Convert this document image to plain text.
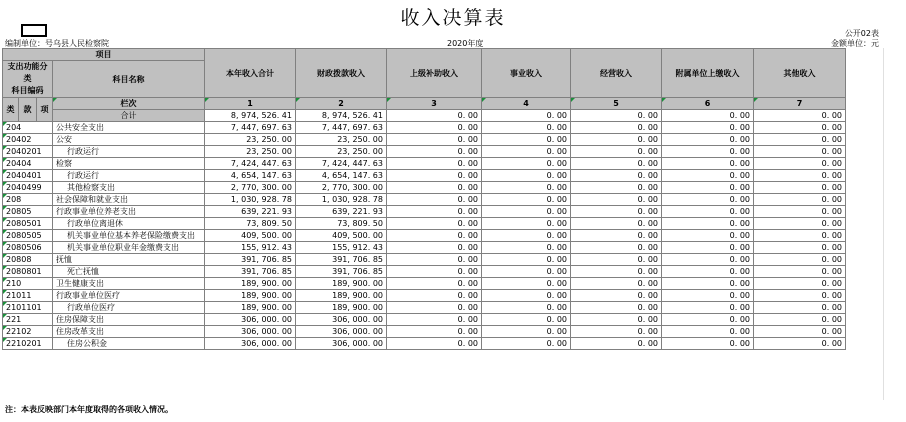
收入决算表
公开02表
编制单位：号乌县人民检察院	2020年度	金额单位：元
项目				本年收入合计	财政拨款收入	上级补助收入	事业收入	经营收入	附属单位上缴收入	其他收入
支出功能分类
科目编码			科目名称							

类	款	项	栏次	1	2	3	4	5	6	7
			合计	8, 974, 526. 41	8, 974, 526. 41	0. 00	0. 00	0. 00	0. 00	0. 00
204			公共安全支出	7, 447, 697. 63	7, 447, 697. 63	0. 00	0. 00	0. 00	0. 00	0. 00
20402			公安	23, 250. 00	23, 250. 00	0. 00	0. 00	0. 00	0. 00	0. 00
2040201			行政运行	23, 250. 00	23, 250. 00	0. 00	0. 00	0. 00	0. 00	0. 00
20404			检察	7, 424, 447. 63	7, 424, 447. 63	0. 00	0. 00	0. 00	0. 00	0. 00
2040401			行政运行	4, 654, 147. 63	4, 654, 147. 63	0. 00	0. 00	0. 00	0. 00	0. 00
2040499			其他检察支出	2, 770, 300. 00	2, 770, 300. 00	0. 00	0. 00	0. 00	0. 00	0. 00
208			社会保障和就业支出	1, 030, 928. 78	1, 030, 928. 78	0. 00	0. 00	0. 00	0. 00	0. 00
20805			行政事业单位养老支出	639, 221. 93	639, 221. 93	0. 00	0. 00	0. 00	0. 00	0. 00
2080501			行政单位离退休	73, 809. 50	73, 809. 50	0. 00	0. 00	0. 00	0. 00	0. 00
2080505			机关事业单位基本养老保险缴费支出	409, 500. 00	409, 500. 00	0. 00	0. 00	0. 00	0. 00	0. 00
2080506			机关事业单位职业年金缴费支出	155, 912. 43	155, 912. 43	0. 00	0. 00	0. 00	0. 00	0. 00
20808			抚恤	391, 706. 85	391, 706. 85	0. 00	0. 00	0. 00	0. 00	0. 00
2080801			死亡抚恤	391, 706. 85	391, 706. 85	0. 00	0. 00	0. 00	0. 00	0. 00
210			卫生健康支出	189, 900. 00	189, 900. 00	0. 00	0. 00	0. 00	0. 00	0. 00
21011			行政事业单位医疗	189, 900. 00	189, 900. 00	0. 00	0. 00	0. 00	0. 00	0. 00
2101101			行政单位医疗	189, 900. 00	189, 900. 00	0. 00	0. 00	0. 00	0. 00	0. 00
221			住房保障支出	306, 000. 00	306, 000. 00	0. 00	0. 00	0. 00	0. 00	0. 00
22102			住房改革支出	306, 000. 00	306, 000. 00	0. 00	0. 00	0. 00	0. 00	0. 00
2210201			住房公积金	306, 000. 00	306, 000. 00	0. 00	0. 00	0. 00	0. 00	0. 00
注：本表反映部门本年度取得的各项收入情况。
